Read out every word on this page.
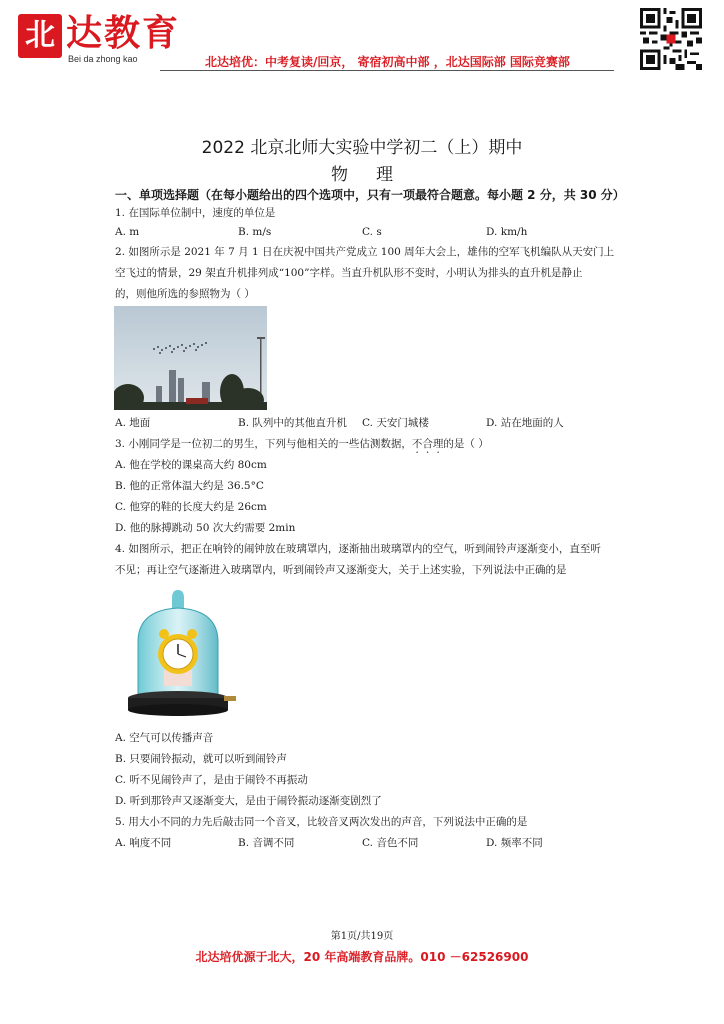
北 达教育
Bei da zhong kao	北达培优：中考复读/回京， 寄宿初高中部 ，北达国际部 国际竞赛部
2022 北京北师大实验中学初二（上）期中
物理
一、单项选择题（在每小题给出的四个选项中，只有一项最符合题意。每小题 2 分，共 30 分）
1. 在国际单位制中，速度的单位是
A. m	B. m/s	C. s	D. km/h
2. 如图所示是 2021 年 7 月 1 日在庆祝中国共产党成立 100 周年大会上，雄伟的空军飞机编队从天安门上
空飞过的情景，29 架直升机排列成“100”字样。当直升机队形不变时，小明认为排头的直升机是静止
的，则他所选的参照物为（ ）
A. 地面	B. 队列中的其他直升机 C. 天安门城楼	D. 站在地面的人
3. 小刚同学是一位初二的男生，下列与他相关的一些估测数据，不合理的是（ ）
A. 他在学校的课桌高大约 80cm
B. 他的正常体温大约是 36.5°C
C. 他穿的鞋的长度大约是 26cm
D. 他的脉搏跳动 50 次大约需要 2min
4. 如图所示，把正在响铃的闹钟放在玻璃罩内，逐渐抽出玻璃罩内的空气，听到闹铃声逐渐变小，直至听
不见；再让空气逐渐进入玻璃罩内，听到闹铃声又逐渐变大，关于上述实验，下列说法中正确的是
A. 空气可以传播声音
B. 只要闹铃振动，就可以听到闹铃声
C. 听不见闹铃声了，是由于闹铃不再振动
D. 听到那铃声又逐渐变大，是由于闹铃振动逐渐变剧烈了
5. 用大小不同的力先后敲击同一个音叉，比较音叉两次发出的声音，下列说法中正确的是
A. 响度不同	B. 音调不同	C. 音色不同	D. 频率不同
第1页/共19页
北达培优源于北大，20 年高端教育品牌。010 －62526900
